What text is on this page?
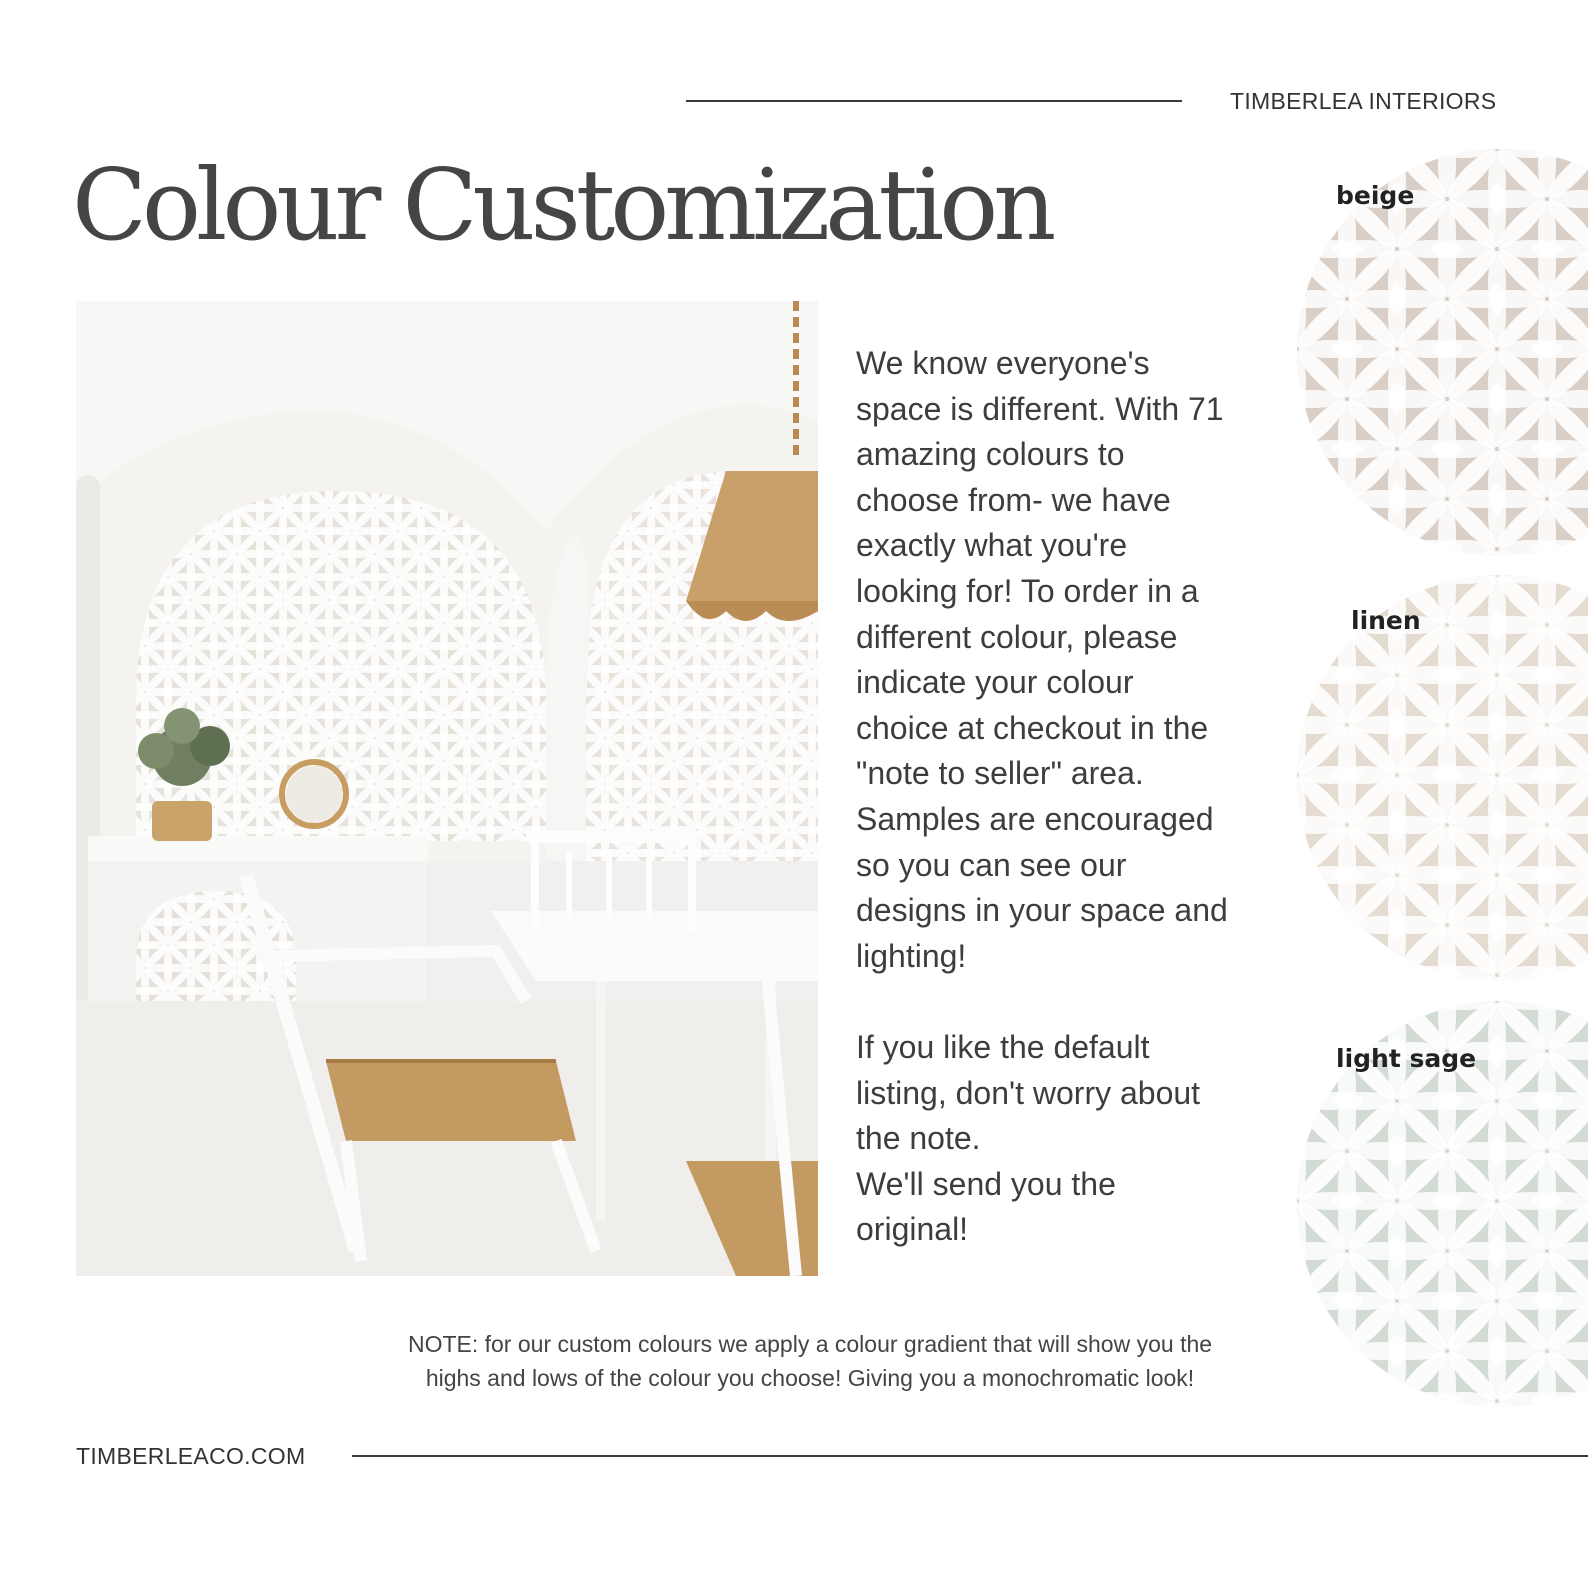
TIMBERLEA INTERIORS
Colour Customization
We know everyone's
space is different. With 71
amazing colours to
choose from- we have
exactly what you're
looking for! To order in a
different colour, please
indicate your colour
choice at checkout in the
"note to seller" area.
Samples are encouraged
so you can see our
designs in your space and
lighting!
If you like the default
listing, don't worry about
the note.
We'll send you the
original!
NOTE: for our custom colours we apply a colour gradient that will show you the
highs and lows of the colour you choose! Giving you a monochromatic look!
TIMBERLEACO.COM
beige
linen
light sage
